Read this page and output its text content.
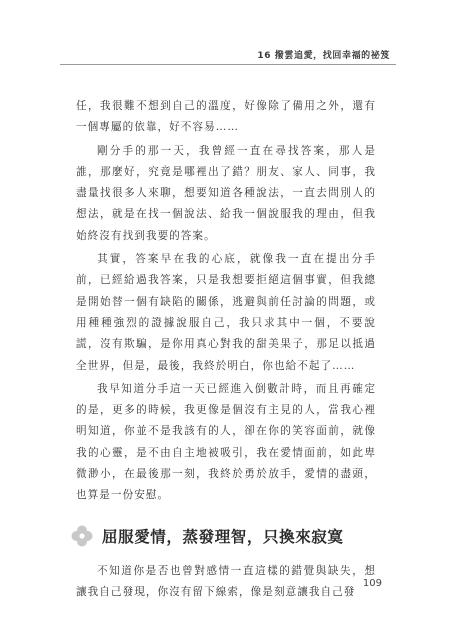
16 撥雲追愛，找回幸福的祕笈

任，我很難不想到自己的溫度，好像除了備用之外，還有一個專屬的依靠，好不容易……

剛分手的那一天，我曾經一直在尋找答案，那人是誰，那麼好，究竟是哪裡出了錯？朋友、家人、同事，我盡量找很多人來聊，想要知道各種說法，一直去問別人的想法，就是在找一個說法、給我一個說服我的理由，但我始終沒有找到我要的答案。

其實，答案早在我的心底，就像我一直在提出分手前，已經給過我答案，只是我想要拒絕這個事實，但我總是開始替一個有缺陷的關係，逃避與前任討論的問題，或用種種強烈的證據說服自己，我只求其中一個，不要說謊，沒有欺騙，是你用真心對我的甜美果子，那足以抵過全世界，但是，最後，我終於明白，你也給不起了……

我早知道分手這一天已經進入倒數計時，而且再確定的是，更多的時候，我更像是個沒有主見的人，當我心裡明知道，你並不是我該有的人，卻在你的笑容面前，就像我的心靈，是不由自主地被吸引，我在愛情面前，如此卑微渺小，在最後那一刻，我終於勇於放手，愛情的盡頭，也算是一份安慰。

屈服愛情，蒸發理智，只換來寂寞

不知道你是否也曾對感情一直這樣的錯覺與缺失，想讓我自己發現，你沒有留下線索，像是刻意讓我自己發

109
